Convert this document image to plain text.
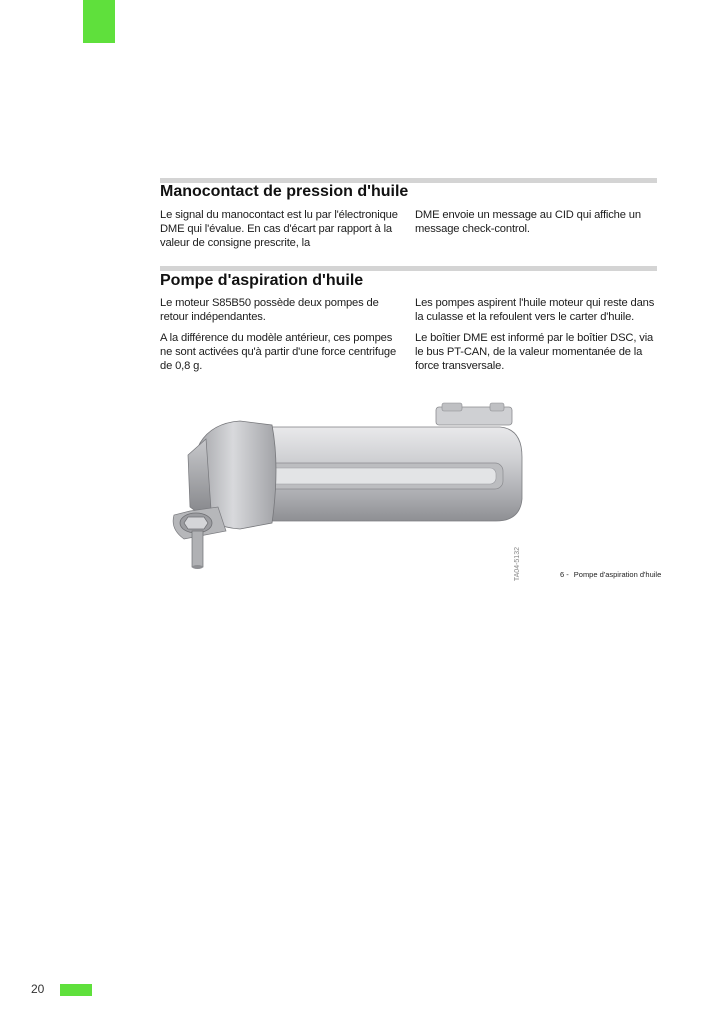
Manocontact de pression d'huile

Le signal du manocontact est lu par l'électronique DME qui l'évalue. En cas d'écart par rapport à la valeur de consigne prescrite, la

DME envoie un message au CID qui affiche un message check-control.

Pompe d'aspiration d'huile

Le moteur S85B50 possède deux pompes de retour indépendantes.

A la différence du modèle antérieur, ces pompes ne sont activées qu'à partir d'une force centrifuge de 0,8 g.

Les pompes aspirent l'huile moteur qui reste dans la culasse et la refoulent vers le carter d'huile.

Le boîtier DME est informé par le boîtier DSC, via le bus PT-CAN, de la valeur momentanée de la force transversale.

TA04-5132	6 - Pompe d'aspiration d'huile
20
